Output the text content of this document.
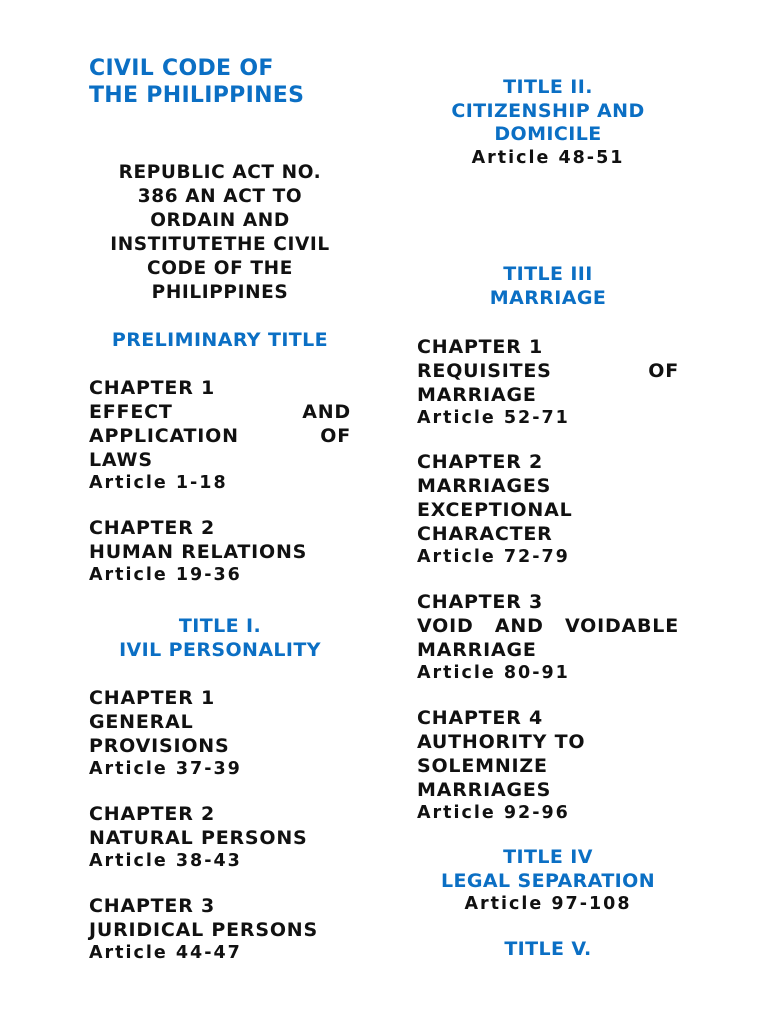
CIVIL CODE OF
THE PHILIPPINES
REPUBLIC ACT NO.
386 AN ACT TO
ORDAIN AND
INSTITUTETHE CIVIL
CODE OF THE
PHILIPPINES
PRELIMINARY TITLE
CHAPTER 1
EFFECT	AND
APPLICATION	OF
LAWS
Article 1-18
CHAPTER 2
HUMAN RELATIONS
Article 19-36
TITLE I.
IVIL PERSONALITY
CHAPTER 1
GENERAL
PROVISIONS
Article 37-39
CHAPTER 2
NATURAL PERSONS
Article 38-43
CHAPTER 3
JURIDICAL PERSONS
Article 44-47
TITLE II.
CITIZENSHIP AND
DOMICILE
Article 48-51
TITLE III
MARRIAGE
CHAPTER 1
REQUISITES	OF
MARRIAGE
Article 52-71
CHAPTER 2
MARRIAGES
EXCEPTIONAL
CHARACTER
Article 72-79
CHAPTER 3
VOID AND VOIDABLE
MARRIAGE
Article 80-91
CHAPTER 4
AUTHORITY TO
SOLEMNIZE
MARRIAGES
Article 92-96
TITLE IV
LEGAL SEPARATION
Article 97-108
TITLE V.
